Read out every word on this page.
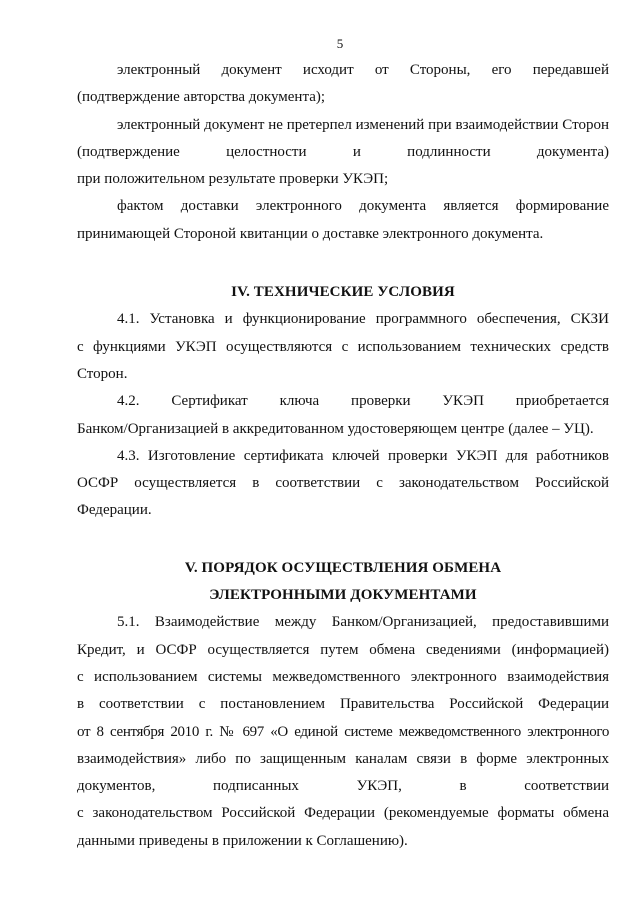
5
электронный документ исходит от Стороны, его передавшей
(подтверждение авторства документа);
электронный документ не претерпел изменений при взаимодействии Сторон
(подтверждение целостности и подлинности документа)
при положительном результате проверки УКЭП;
фактом доставки электронного документа является формирование
принимающей Стороной квитанции о доставке электронного документа.
IV. ТЕХНИЧЕСКИЕ УСЛОВИЯ
4.1. Установка и функционирование программного обеспечения, СКЗИ
с функциями УКЭП осуществляются с использованием технических средств
Сторон.
4.2. Сертификат ключа проверки УКЭП приобретается
Банком/Организацией в аккредитованном удостоверяющем центре (далее – УЦ).
4.3. Изготовление сертификата ключей проверки УКЭП для работников
ОСФР осуществляется в соответствии с законодательством Российской
Федерации.
V. ПОРЯДОК ОСУЩЕСТВЛЕНИЯ ОБМЕНА
ЭЛЕКТРОННЫМИ ДОКУМЕНТАМИ
5.1. Взаимодействие между Банком/Организацией, предоставившими
Кредит, и ОСФР осуществляется путем обмена сведениями (информацией)
с использованием системы межведомственного электронного взаимодействия
в соответствии с постановлением Правительства Российской Федерации
от 8 сентября 2010 г. № 697 «О единой системе межведомственного электронного
взаимодействия» либо по защищенным каналам связи в форме электронных
документов, подписанных УКЭП, в соответствии
с законодательством Российской Федерации (рекомендуемые форматы обмена
данными приведены в приложении к Соглашению).
